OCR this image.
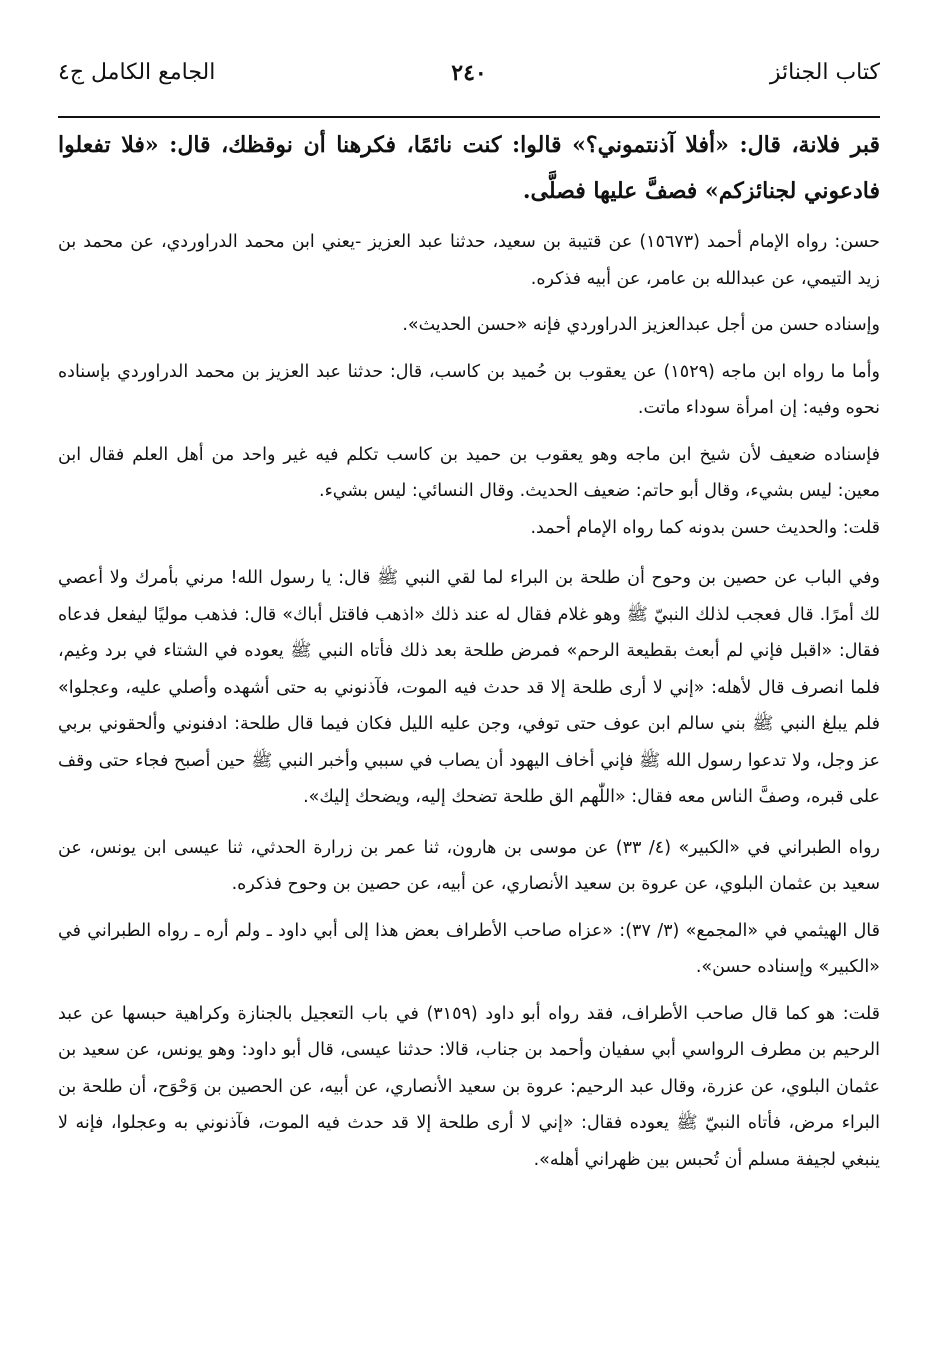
كتاب الجنائز
٢٤٠
الجامع الكامل ج٤

قبر فلانة، قال: «أفلا آذنتموني؟» قالوا: كنت نائمًا، فكرهنا أن نوقظك، قال: «فلا تفعلوا فادعوني لجنائزكم» فصفَّ عليها فصلَّى.

حسن: رواه الإمام أحمد (١٥٦٧٣) عن قتيبة بن سعيد، حدثنا عبد العزيز -يعني ابن محمد الدراوردي، عن محمد بن زيد التيمي، عن عبدالله بن عامر، عن أبيه فذكره.

وإسناده حسن من أجل عبدالعزيز الدراوردي فإنه «حسن الحديث».

وأما ما رواه ابن ماجه (١٥٢٩) عن يعقوب بن حُميد بن كاسب، قال: حدثنا عبد العزيز بن محمد الدراوردي بإسناده نحوه وفيه: إن امرأة سوداء ماتت.

فإسناده ضعيف لأن شيخ ابن ماجه وهو يعقوب بن حميد بن كاسب تكلم فيه غير واحد من أهل العلم فقال ابن معين: ليس بشيء، وقال أبو حاتم: ضعيف الحديث. وقال النسائي: ليس بشيء.

قلت: والحديث حسن بدونه كما رواه الإمام أحمد.

وفي الباب عن حصين بن وحوح أن طلحة بن البراء لما لقي النبي ﷺ قال: يا رسول الله! مرني بأمرك ولا أعصي لك أمرًا. قال فعجب لذلك النبيّ ﷺ وهو غلام فقال له عند ذلك «اذهب فاقتل أباك» قال: فذهب موليًا ليفعل فدعاه فقال: «اقبل فإني لم أبعث بقطيعة الرحم» فمرض طلحة بعد ذلك فأتاه النبي ﷺ يعوده في الشتاء في برد وغيم، فلما انصرف قال لأهله: «إني لا أرى طلحة إلا قد حدث فيه الموت، فآذنوني به حتى أشهده وأصلي عليه، وعجلوا» فلم يبلغ النبي ﷺ بني سالم ابن عوف حتى توفي، وجن عليه الليل فكان فيما قال طلحة: ادفنوني وألحقوني بربي عز وجل، ولا تدعوا رسول الله ﷺ فإني أخاف اليهود أن يصاب في سببي وأخبر النبي ﷺ حين أصبح فجاء حتى وقف على قبره، وصفَّ الناس معه فقال: «اللّٰهم الق طلحة تضحك إليه، ويضحك إليك».

رواه الطبراني في «الكبير» (٤/ ٣٣) عن موسى بن هارون، ثنا عمر بن زرارة الحدثي، ثنا عيسى ابن يونس، عن سعيد بن عثمان البلوي، عن عروة بن سعيد الأنصاري، عن أبيه، عن حصين بن وحوح فذكره.

قال الهيثمي في «المجمع» (٣/ ٣٧): «عزاه صاحب الأطراف بعض هذا إلى أبي داود ـ ولم أره ـ رواه الطبراني في «الكبير» وإسناده حسن».

قلت: هو كما قال صاحب الأطراف، فقد رواه أبو داود (٣١٥٩) في باب التعجيل بالجنازة وكراهية حبسها عن عبد الرحيم بن مطرف الرواسي أبي سفيان وأحمد بن جناب، قالا: حدثنا عيسى، قال أبو داود: وهو يونس، عن سعيد بن عثمان البلوي، عن عزرة، وقال عبد الرحيم: عروة بن سعيد الأنصاري، عن أبيه، عن الحصين بن وَحْوَح، أن طلحة بن البراء مرض، فأتاه النبيّ ﷺ يعوده فقال: «إني لا أرى طلحة إلا قد حدث فيه الموت، فآذنوني به وعجلوا، فإنه لا ينبغي لجيفة مسلم أن تُحبس بين ظهراني أهله».
